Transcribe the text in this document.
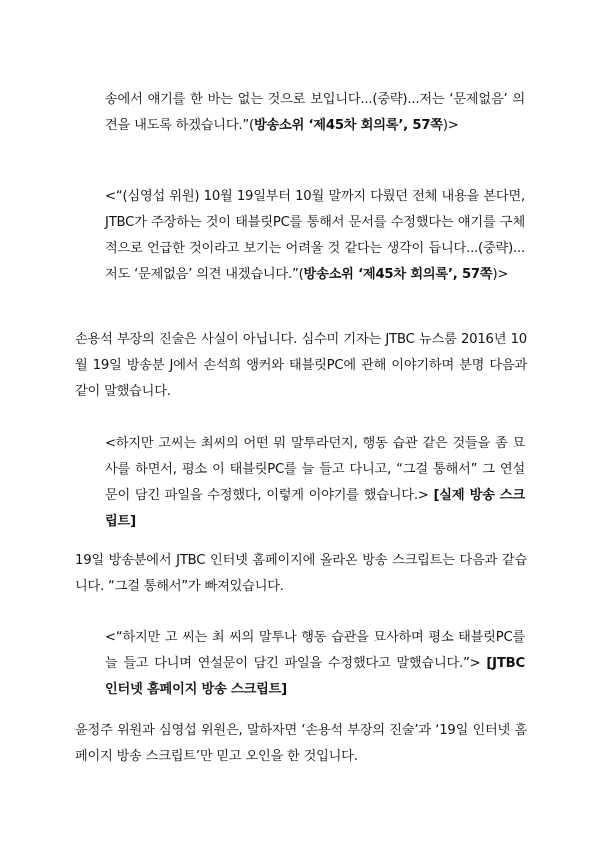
송에서 얘기를 한 바는 없는 것으로 보입니다...(중략)...저는 ‘문제없음’ 의견을 내도록 하겠습니다.”(방송소위 ‘제45차 회의록’, 57쪽)>

<“(심영섭 위원) 10월 19일부터 10월 말까지 다뤘던 전체 내용을 본다면, JTBC가 주장하는 것이 태블릿PC를 통해서 문서를 수정했다는 얘기를 구체적으로 언급한 것이라고 보기는 어려울 것 같다는 생각이 듭니다...(중략)...저도 ‘문제없음’ 의견 내겠습니다.”(방송소위 ‘제45차 회의록’, 57쪽)>

손용석 부장의 진술은 사실이 아닙니다. 심수미 기자는 JTBC 뉴스룸 2016년 10월 19일 방송분 J에서 손석희 앵커와 태블릿PC에 관해 이야기하며 분명 다음과 같이 말했습니다.

<하지만 고씨는 최씨의 어떤 뭐 말투라던지, 행동 습관 같은 것들을 좀 묘사를 하면서, 평소 이 태블릿PC를 늘 들고 다니고, “그걸 통해서” 그 연설문이 담긴 파일을 수정했다, 이렇게 이야기를 했습니다.> [실제 방송 스크립트]

19일 방송분에서 JTBC 인터넷 홈페이지에 올라온 방송 스크립트는 다음과 같습니다. “그걸 통해서”가 빠져있습니다.

<“하지만 고 씨는 최 씨의 말투나 행동 습관을 묘사하며 평소 태블릿PC를 늘 들고 다니며 연설문이 담긴 파일을 수정했다고 말했습니다.”> [JTBC 인터넷 홈페이지 방송 스크립트]

윤정주 위원과 심영섭 위원은, 말하자면 ‘손용석 부장의 진술’과 ‘19일 인터넷 홈페이지 방송 스크립트’만 믿고 오인을 한 것입니다.
